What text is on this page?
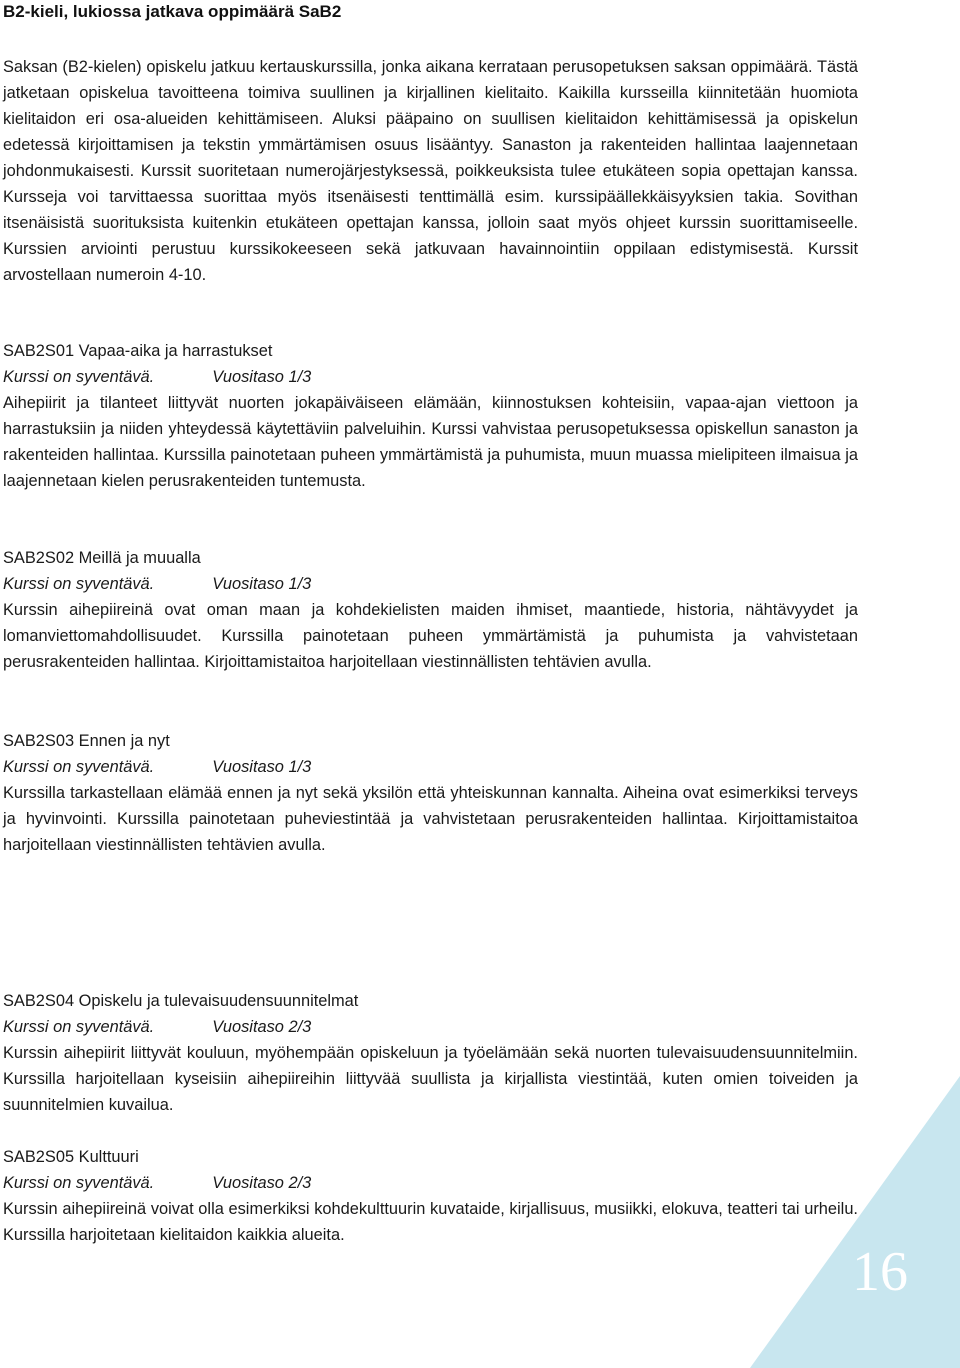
B2-kieli, lukiossa jatkava oppimäärä SaB2

Saksan (B2-kielen) opiskelu jatkuu kertauskurssilla, jonka aikana kerrataan perusopetuksen saksan oppimäärä. Tästä jatketaan opiskelua tavoitteena toimiva suullinen ja kirjallinen kielitaito. Kaikilla kursseilla kiinnitetään huomiota kielitaidon eri osa-alueiden kehittämiseen. Aluksi pääpaino on suullisen kielitaidon kehittämisessä ja opiskelun edetessä kirjoittamisen ja tekstin ymmärtämisen osuus lisääntyy. Sanaston ja rakenteiden hallintaa laajennetaan johdonmukaisesti. Kurssit suoritetaan numerojärjestyksessä, poikkeuksista tulee etukäteen sopia opettajan kanssa. Kursseja voi tarvittaessa suorittaa myös itsenäisesti tenttimällä esim. kurssipäällekkäisyyksien takia. Sovithan itsenäisistä suorituksista kuitenkin etukäteen opettajan kanssa, jolloin saat myös ohjeet kurssin suorittamiseelle. Kurssien arviointi perustuu kurssikokeeseen sekä jatkuvaan havainnointiin oppilaan edistymisestä. Kurssit arvostellaan numeroin 4-10.

SAB2S01 Vapaa-aika ja harrastukset

Kurssi on syventävä.	Vuositaso 1/3

Aihepiirit ja tilanteet liittyvät nuorten jokapäiväiseen elämään, kiinnostuksen kohteisiin, vapaa-ajan viettoon ja harrastuksiin ja niiden yhteydessä käytettäviin palveluihin. Kurssi vahvistaa perusopetuksessa opiskellun sanaston ja rakenteiden hallintaa. Kurssilla painotetaan puheen ymmärtämistä ja puhumista, muun muassa mielipiteen ilmaisua ja laajennetaan kielen perusrakenteiden tuntemusta.

SAB2S02 Meillä ja muualla

Kurssi on syventävä.	Vuositaso 1/3

Kurssin aihepiireinä ovat oman maan ja kohdekielisten maiden ihmiset, maantiede, historia, nähtävyydet ja lomanviettomahdollisuudet. Kurssilla painotetaan puheen ymmärtämistä ja puhumista ja vahvistetaan perusrakenteiden hallintaa. Kirjoittamistaitoa harjoitellaan viestinnällisten tehtävien avulla.

SAB2S03 Ennen ja nyt

Kurssi on syventävä.	Vuositaso 1/3

Kurssilla tarkastellaan elämää ennen ja nyt sekä yksilön että yhteiskunnan kannalta. Aiheina ovat esimerkiksi terveys ja hyvinvointi. Kurssilla painotetaan puheviestintää ja vahvistetaan perusrakenteiden hallintaa. Kirjoittamistaitoa harjoitellaan viestinnällisten tehtävien avulla.

SAB2S04 Opiskelu ja tulevaisuudensuunnitelmat

Kurssi on syventävä.	Vuositaso 2/3

Kurssin aihepiirit liittyvät kouluun, myöhempään opiskeluun ja työelämään sekä nuorten tulevaisuudensuunnitelmiin. Kurssilla harjoitellaan kyseisiin aihepiireihin liittyvää suullista ja kirjallista viestintää, kuten omien toiveiden ja suunnitelmien kuvailua.

SAB2S05 Kulttuuri

Kurssi on syventävä.	Vuositaso 2/3

Kurssin aihepiireinä voivat olla esimerkiksi kohdekulttuurin kuvataide, kirjallisuus, musiikki, elokuva, teatteri tai urheilu. Kurssilla harjoitetaan kielitaidon kaikkia alueita.

16
